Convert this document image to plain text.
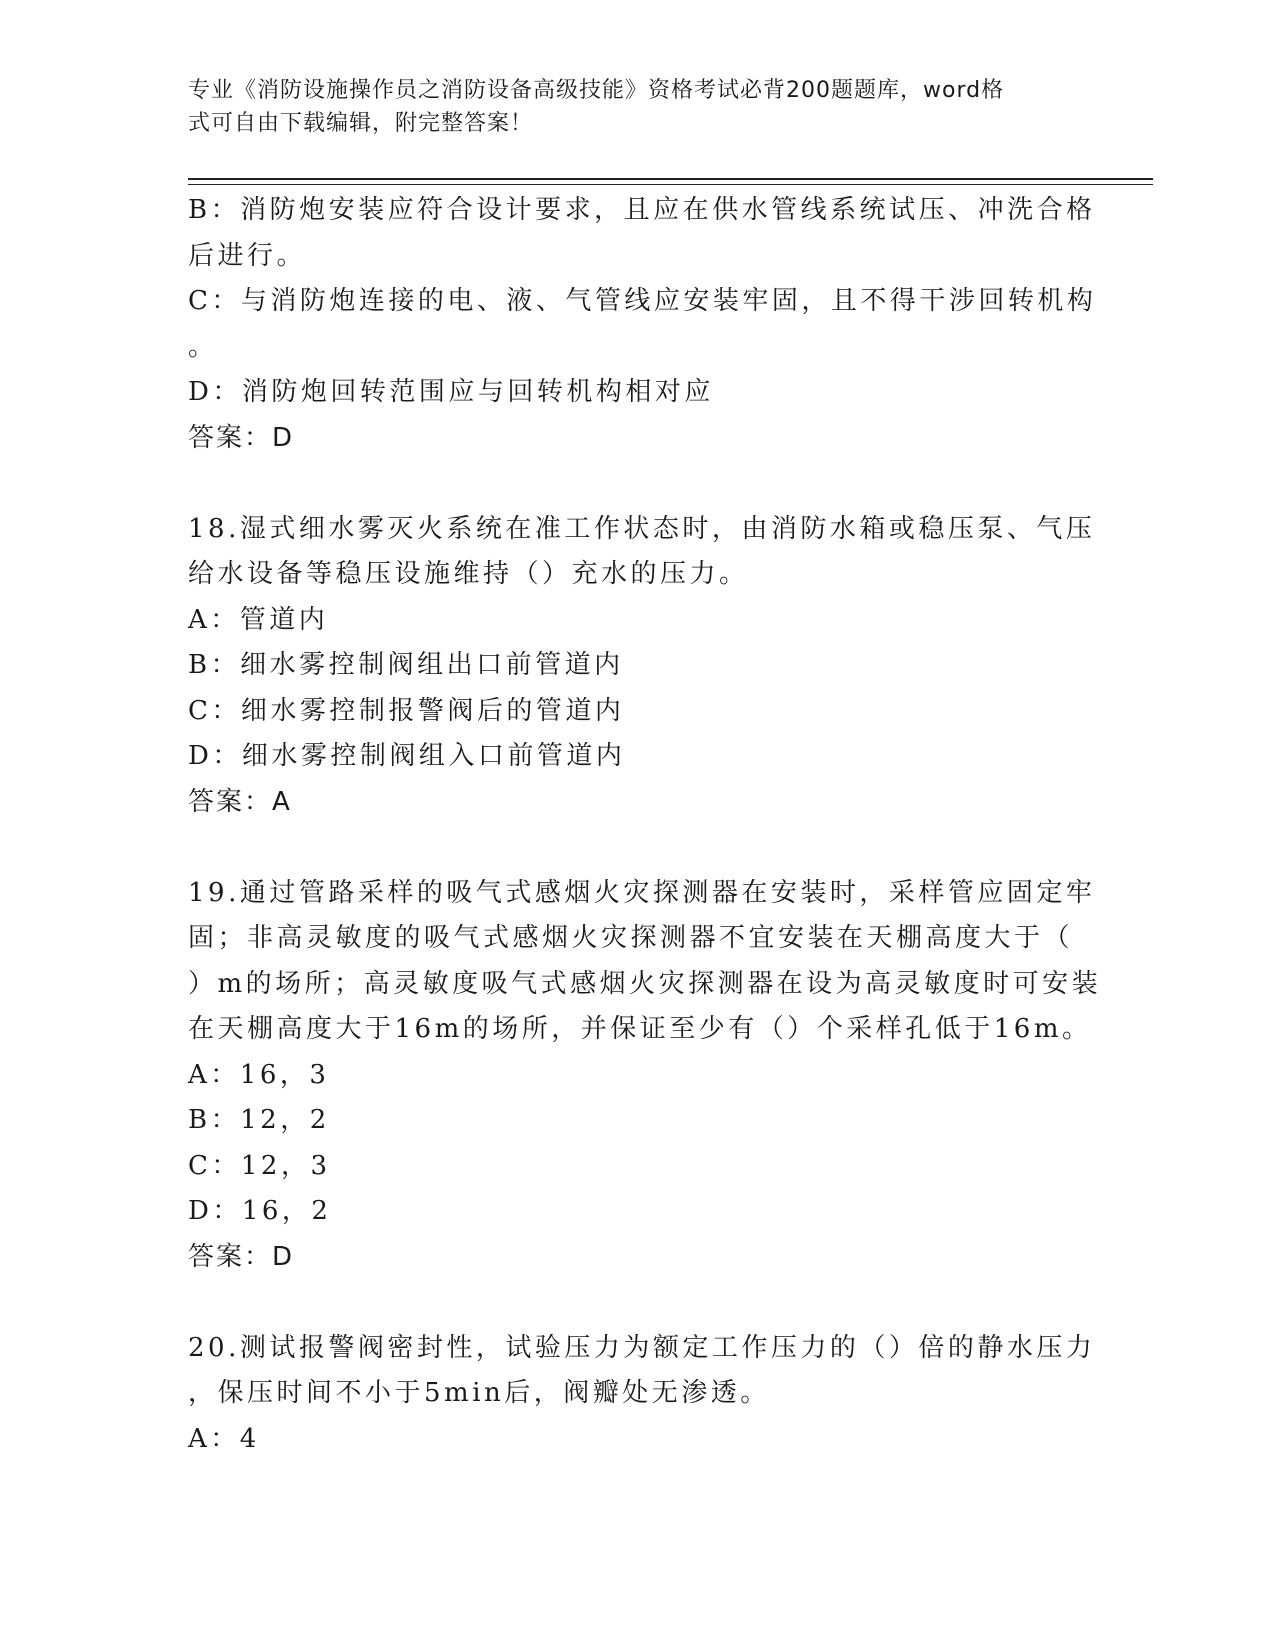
专业《消防设施操作员之消防设备高级技能》资格考试必背200题题库，word格
式可自由下载编辑，附完整答案！
B：消防炮安装应符合设计要求，且应在供水管线系统试压、冲洗合格
后进行。
C：与消防炮连接的电、液、气管线应安装牢固，且不得干涉回转机构
。
D：消防炮回转范围应与回转机构相对应
答案：D
18.湿式细水雾灭火系统在准工作状态时，由消防水箱或稳压泵、气压
给水设备等稳压设施维持（）充水的压力。
A：管道内
B：细水雾控制阀组出口前管道内
C：细水雾控制报警阀后的管道内
D：细水雾控制阀组入口前管道内
答案：A
19.通过管路采样的吸气式感烟火灾探测器在安装时，采样管应固定牢
固；非高灵敏度的吸气式感烟火灾探测器不宜安装在天棚高度大于（
）m的场所；高灵敏度吸气式感烟火灾探测器在设为高灵敏度时可安装
在天棚高度大于16m的场所，并保证至少有（）个采样孔低于16m。
A：16，3
B：12，2
C：12，3
D：16，2
答案：D
20.测试报警阀密封性，试验压力为额定工作压力的（）倍的静水压力
，保压时间不小于5min后，阀瓣处无渗透。
A：4
